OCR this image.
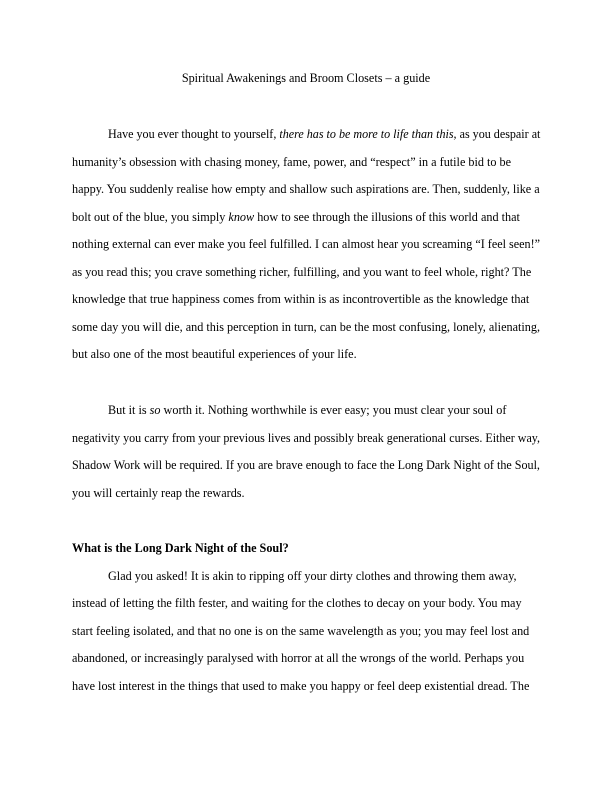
Spiritual Awakenings and Broom Closets – a guide
Have you ever thought to yourself, there has to be more to life than this, as you despair at
humanity’s obsession with chasing money, fame, power, and “respect” in a futile bid to be
happy. You suddenly realise how empty and shallow such aspirations are. Then, suddenly, like a
bolt out of the blue, you simply know how to see through the illusions of this world and that
nothing external can ever make you feel fulfilled. I can almost hear you screaming “I feel seen!”
as you read this; you crave something richer, fulfilling, and you want to feel whole, right? The
knowledge that true happiness comes from within is as incontrovertible as the knowledge that
some day you will die, and this perception in turn, can be the most confusing, lonely, alienating,
but also one of the most beautiful experiences of your life.
But it is so worth it. Nothing worthwhile is ever easy; you must clear your soul of
negativity you carry from your previous lives and possibly break generational curses. Either way,
Shadow Work will be required. If you are brave enough to face the Long Dark Night of the Soul,
you will certainly reap the rewards.
What is the Long Dark Night of the Soul?
Glad you asked! It is akin to ripping off your dirty clothes and throwing them away,
instead of letting the filth fester, and waiting for the clothes to decay on your body. You may
start feeling isolated, and that no one is on the same wavelength as you; you may feel lost and
abandoned, or increasingly paralysed with horror at all the wrongs of the world. Perhaps you
have lost interest in the things that used to make you happy or feel deep existential dread. The
